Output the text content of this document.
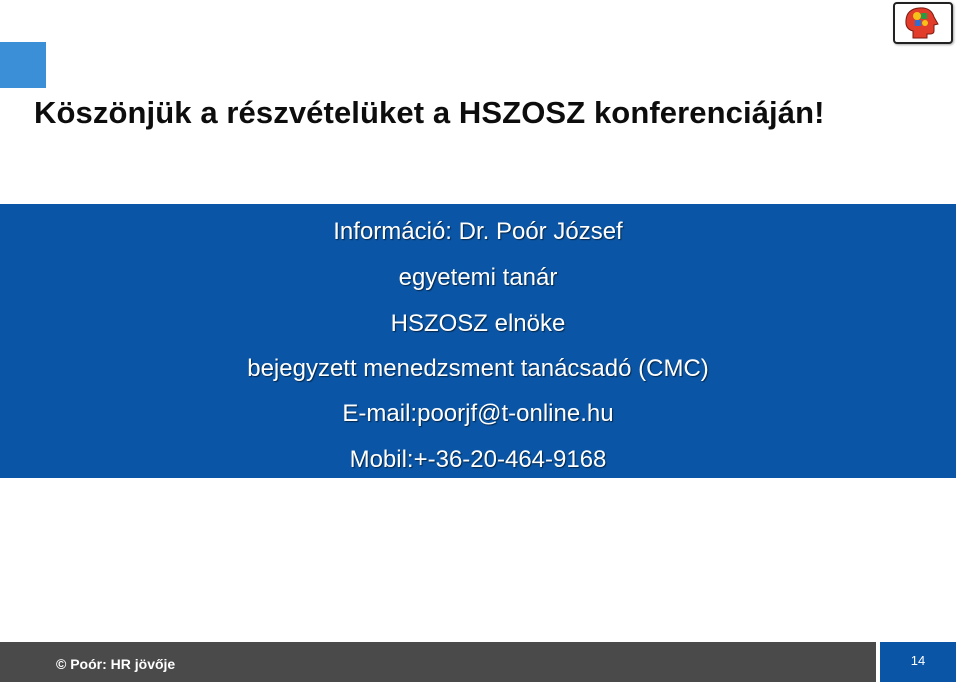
Köszönjük a részvételüket a HSZOSZ konferenciáján!
Információ: Dr. Poór József
egyetemi tanár
HSZOSZ elnöke
bejegyzett menedzsment tanácsadó (CMC)
E-mail:poorjf@t-online.hu
Mobil:+-36-20-464-9168
© Poór: HR jövője	14
